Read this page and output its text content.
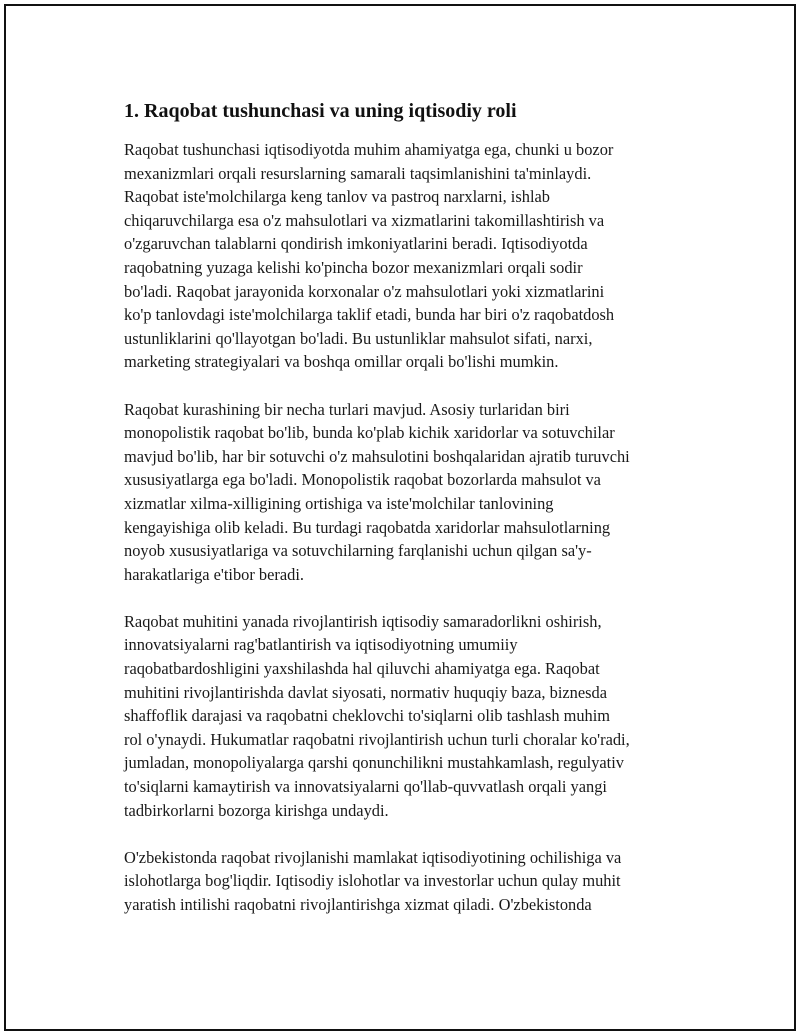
1. Raqobat tushunchasi va uning iqtisodiy roli

Raqobat tushunchasi iqtisodiyotda muhim ahamiyatga ega, chunki u bozor
mexanizmlari orqali resurslarning samarali taqsimlanishini ta'minlaydi.
Raqobat iste'molchilarga keng tanlov va pastroq narxlarni, ishlab
chiqaruvchilarga esa o'z mahsulotlari va xizmatlarini takomillashtirish va
o'zgaruvchan talablarni qondirish imkoniyatlarini beradi. Iqtisodiyotda
raqobatning yuzaga kelishi ko'pincha bozor mexanizmlari orqali sodir
bo'ladi. Raqobat jarayonida korxonalar o'z mahsulotlari yoki xizmatlarini
ko'p tanlovdagi iste'molchilarga taklif etadi, bunda har biri o'z raqobatdosh
ustunliklarini qo'llayotgan bo'ladi. Bu ustunliklar mahsulot sifati, narxi,
marketing strategiyalari va boshqa omillar orqali bo'lishi mumkin.

Raqobat kurashining bir necha turlari mavjud. Asosiy turlaridan biri
monopolistik raqobat bo'lib, bunda ko'plab kichik xaridorlar va sotuvchilar
mavjud bo'lib, har bir sotuvchi o'z mahsulotini boshqalaridan ajratib turuvchi
xususiyatlarga ega bo'ladi. Monopolistik raqobat bozorlarda mahsulot va
xizmatlar xilma-xilligining ortishiga va iste'molchilar tanlovining
kengayishiga olib keladi. Bu turdagi raqobatda xaridorlar mahsulotlarning
noyob xususiyatlariga va sotuvchilarning farqlanishi uchun qilgan sa'y-
harakatlariga e'tibor beradi.

Raqobat muhitini yanada rivojlantirish iqtisodiy samaradorlikni oshirish,
innovatsiyalarni rag'batlantirish va iqtisodiyotning umumiiy
raqobatbardoshligini yaxshilashda hal qiluvchi ahamiyatga ega. Raqobat
muhitini rivojlantirishda davlat siyosati, normativ huquqiy baza, biznesda
shaffoflik darajasi va raqobatni cheklovchi to'siqlarni olib tashlash muhim
rol o'ynaydi. Hukumatlar raqobatni rivojlantirish uchun turli choralar ko'radi,
jumladan, monopoliyalarga qarshi qonunchilikni mustahkamlash, regulyativ
to'siqlarni kamaytirish va innovatsiyalarni qo'llab-quvvatlash orqali yangi
tadbirkorlarni bozorga kirishga undaydi.

O'zbekistonda raqobat rivojlanishi mamlakat iqtisodiyotining ochilishiga va
islohotlarga bog'liqdir. Iqtisodiy islohotlar va investorlar uchun qulay muhit
yaratish intilishi raqobatni rivojlantirishga xizmat qiladi. O'zbekistonda
